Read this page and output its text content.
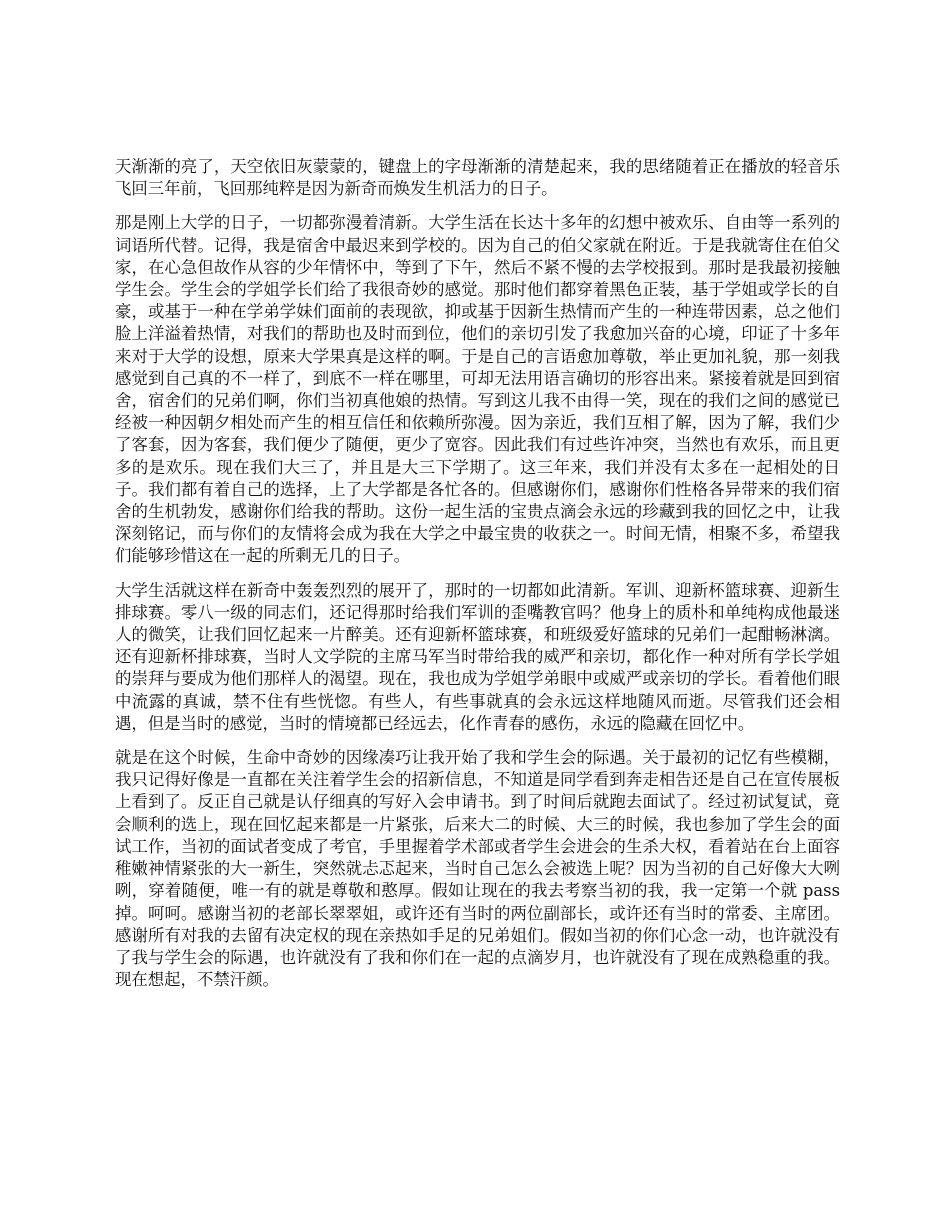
天渐渐的亮了，天空依旧灰蒙蒙的，键盘上的字母渐渐的清楚起来，我的思绪随着正在播放的轻音乐飞回三年前，飞回那纯粹是因为新奇而焕发生机活力的日子。

那是刚上大学的日子，一切都弥漫着清新。大学生活在长达十多年的幻想中被欢乐、自由等一系列的词语所代替。记得，我是宿舍中最迟来到学校的。因为自己的伯父家就在附近。于是我就寄住在伯父家，在心急但故作从容的少年情怀中，等到了下午，然后不紧不慢的去学校报到。那时是我最初接触学生会。学生会的学姐学长们给了我很奇妙的感觉。那时他们都穿着黑色正装，基于学姐或学长的自豪，或基于一种在学弟学妹们面前的表现欲，抑或基于因新生热情而产生的一种连带因素，总之他们脸上洋溢着热情，对我们的帮助也及时而到位，他们的亲切引发了我愈加兴奋的心境，印证了十多年来对于大学的设想，原来大学果真是这样的啊。于是自己的言语愈加尊敬，举止更加礼貌，那一刻我感觉到自己真的不一样了，到底不一样在哪里，可却无法用语言确切的形容出来。紧接着就是回到宿舍，宿舍们的兄弟们啊，你们当初真他娘的热情。写到这儿我不由得一笑，现在的我们之间的感觉已经被一种因朝夕相处而产生的相互信任和依赖所弥漫。因为亲近，我们互相了解，因为了解，我们少了客套，因为客套，我们便少了随便，更少了宽容。因此我们有过些许冲突，当然也有欢乐，而且更多的是欢乐。现在我们大三了，并且是大三下学期了。这三年来，我们并没有太多在一起相处的日子。我们都有着自己的选择，上了大学都是各忙各的。但感谢你们，感谢你们性格各异带来的我们宿舍的生机勃发，感谢你们给我的帮助。这份一起生活的宝贵点滴会永远的珍藏到我的回忆之中，让我深刻铭记，而与你们的友情将会成为我在大学之中最宝贵的收获之一。时间无情，相聚不多，希望我们能够珍惜这在一起的所剩无几的日子。

大学生活就这样在新奇中轰轰烈烈的展开了，那时的一切都如此清新。军训、迎新杯篮球赛、迎新生排球赛。零八一级的同志们，还记得那时给我们军训的歪嘴教官吗？他身上的质朴和单纯构成他最迷人的微笑，让我们回忆起来一片醉美。还有迎新杯篮球赛，和班级爱好篮球的兄弟们一起酣畅淋漓。还有迎新杯排球赛，当时人文学院的主席马军当时带给我的威严和亲切，都化作一种对所有学长学姐的崇拜与要成为他们那样人的渴望。现在，我也成为学姐学弟眼中或威严或亲切的学长。看着他们眼中流露的真诚，禁不住有些恍惚。有些人，有些事就真的会永远这样地随风而逝。尽管我们还会相遇，但是当时的感觉，当时的情境都已经远去，化作青春的感伤，永远的隐藏在回忆中。

就是在这个时候，生命中奇妙的因缘凑巧让我开始了我和学生会的际遇。关于最初的记忆有些模糊，我只记得好像是一直都在关注着学生会的招新信息，不知道是同学看到奔走相告还是自己在宣传展板上看到了。反正自己就是认仔细真的写好入会申请书。到了时间后就跑去面试了。经过初试复试，竟会顺利的选上，现在回忆起来都是一片紧张，后来大二的时候、大三的时候，我也参加了学生会的面试工作，当初的面试者变成了考官，手里握着学术部或者学生会进会的生杀大权，看着站在台上面容稚嫩神情紧张的大一新生，突然就忐忑起来，当时自己怎么会被选上呢？因为当初的自己好像大大咧咧，穿着随便，唯一有的就是尊敬和憨厚。假如让现在的我去考察当初的我，我一定第一个就 pass 掉。呵呵。感谢当初的老部长翠翠姐，或许还有当时的两位副部长，或许还有当时的常委、主席团。感谢所有对我的去留有决定权的现在亲热如手足的兄弟姐们。假如当初的你们心念一动，也许就没有了我与学生会的际遇，也许就没有了我和你们在一起的点滴岁月，也许就没有了现在成熟稳重的我。现在想起，不禁汗颜。
